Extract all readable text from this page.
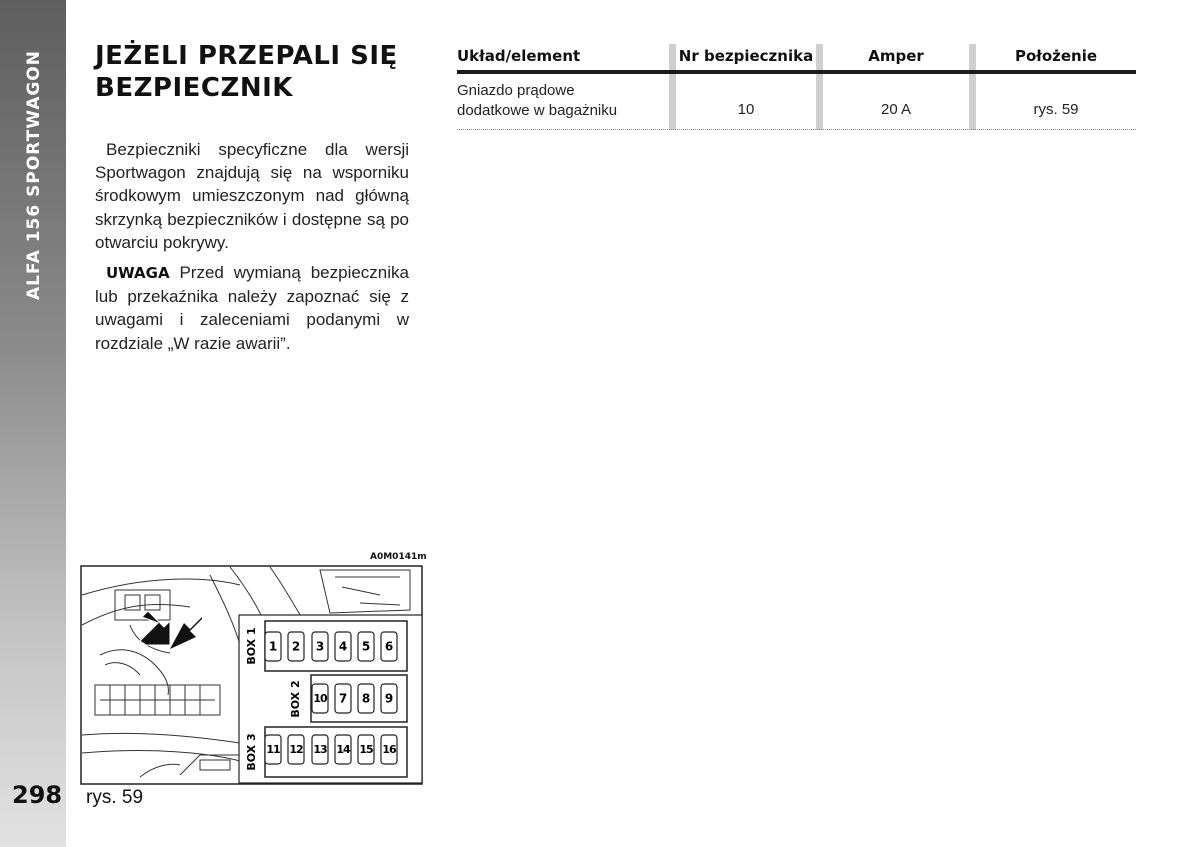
ALFA 156 SPORTWAGON
298
JEŻELI PRZEPALI SIĘ
BEZPIECZNIK

Bezpieczniki specyficzne dla wersji Sportwagon znajdują się na wsporniku środkowym umieszczonym nad główną skrzynką bezpieczników i dostępne są po otwarciu pokrywy.

UWAGA Przed wymianą bezpiecznika lub przekaźnika należy zapoznać się z uwagami i zaleceniami podanymi w rozdziale „W razie awarii”.

Układ/element	Nr bezpiecznika	Amper	Położenie
Gniazdo prądowe
dodatkowe w bagażniku	10	20 A	rys. 59
A0M0141m
BOX 1 1 2 3 4 5 6
BOX 2 10 7 8 9
BOX 3 11 12 13 14 15 16
rys. 59
